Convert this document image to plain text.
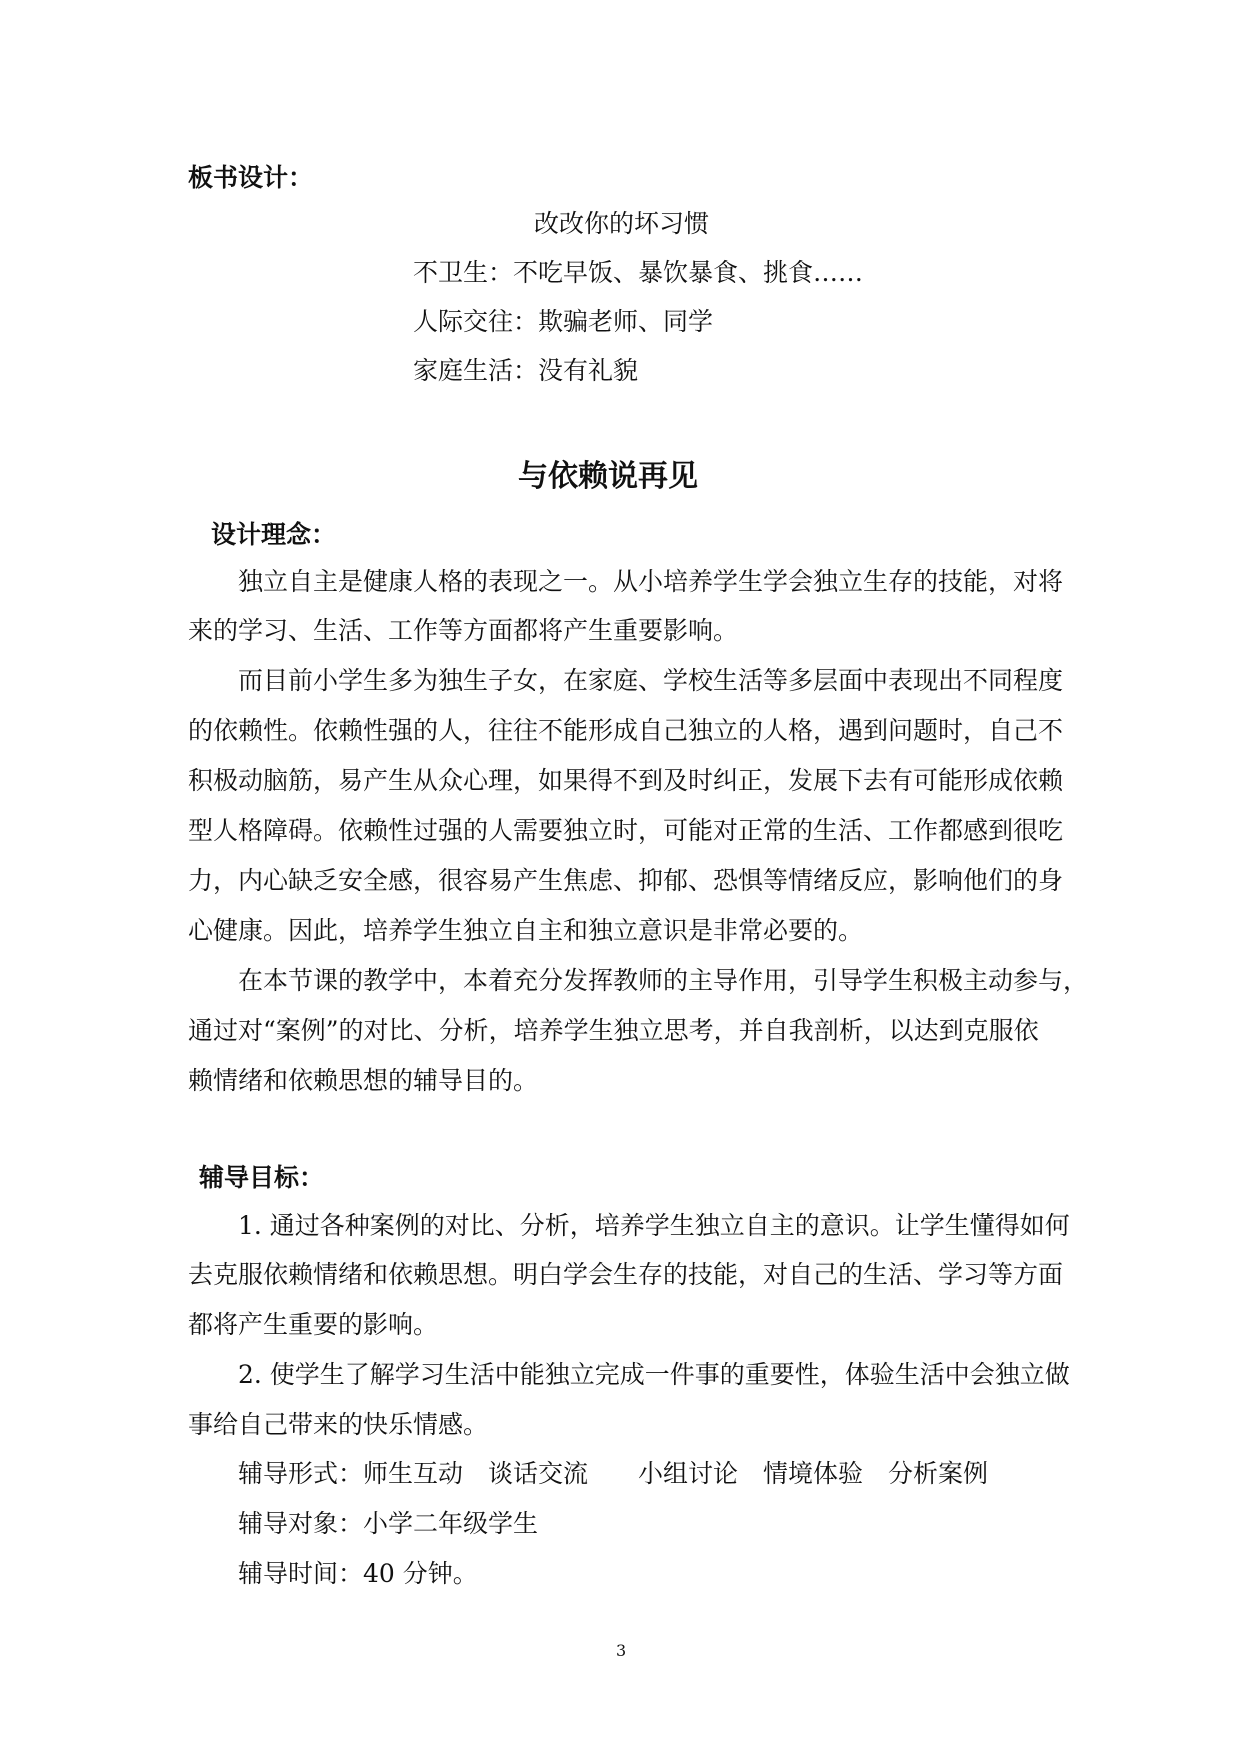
板书设计：
改改你的坏习惯
不卫生：不吃早饭、暴饮暴食、挑食……
人际交往：欺骗老师、同学
家庭生活：没有礼貌
与依赖说再见
设计理念：
独立自主是健康人格的表现之一。从小培养学生学会独立生存的技能，对将
来的学习、生活、工作等方面都将产生重要影响。
而目前小学生多为独生子女，在家庭、学校生活等多层面中表现出不同程度
的依赖性。依赖性强的人，往往不能形成自己独立的人格，遇到问题时，自己不
积极动脑筋，易产生从众心理，如果得不到及时纠正，发展下去有可能形成依赖
型人格障碍。依赖性过强的人需要独立时，可能对正常的生活、工作都感到很吃
力，内心缺乏安全感，很容易产生焦虑、抑郁、恐惧等情绪反应，影响他们的身
心健康。因此，培养学生独立自主和独立意识是非常必要的。
在本节课的教学中，本着充分发挥教师的主导作用，引导学生积极主动参与，
通过对“案例”的对比、分析，培养学生独立思考，并自我剖析，以达到克服依
赖情绪和依赖思想的辅导目的。
辅导目标：
1. 通过各种案例的对比、分析，培养学生独立自主的意识。让学生懂得如何
去克服依赖情绪和依赖思想。明白学会生存的技能，对自己的生活、学习等方面
都将产生重要的影响。
2. 使学生了解学习生活中能独立完成一件事的重要性，体验生活中会独立做
事给自己带来的快乐情感。
辅导形式：师生互动　谈话交流　　小组讨论　情境体验　分析案例
辅导对象：小学二年级学生
辅导时间：40 分钟。
3
